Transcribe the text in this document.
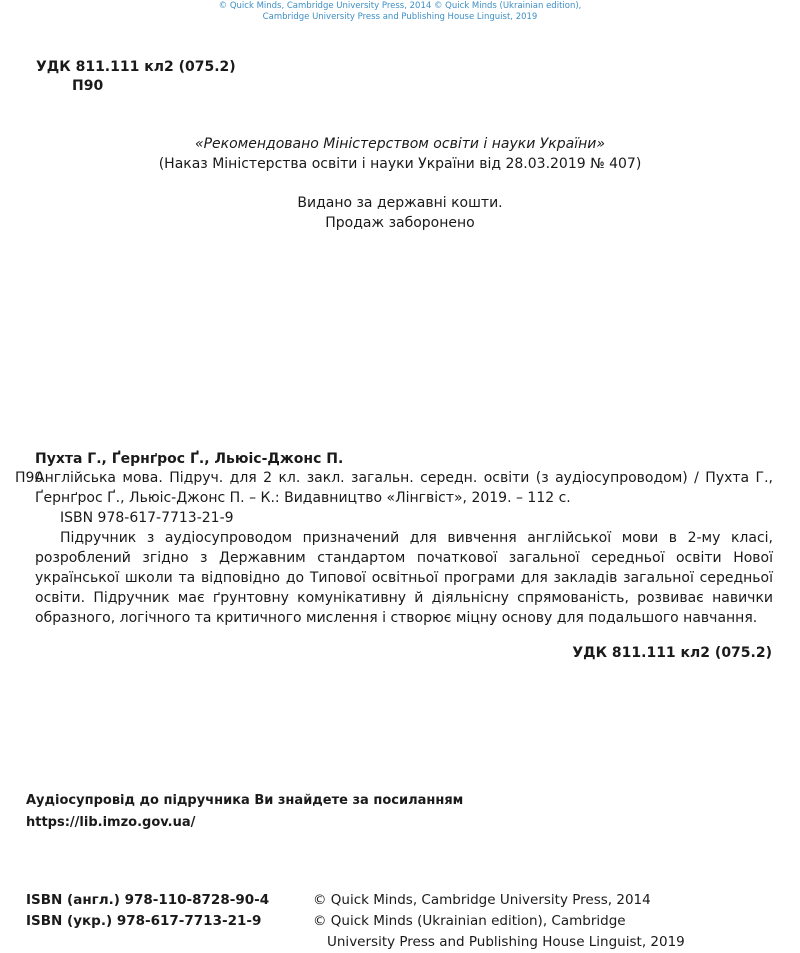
© Quick Minds, Cambridge University Press, 2014 © Quick Minds (Ukrainian edition),
Cambridge University Press and Publishing House Linguist, 2019
УДК 811.111 кл2 (075.2)
П90
«Рекомендовано Міністерством освіти і науки України»
(Наказ Міністерства освіти і науки України від 28.03.2019 № 407)
Видано за державні кошти.
Продаж заборонено
Пухта Г., Ґернґрос Ґ., Льюіс-Джонс П.
П90
Англійська мова. Підруч. для 2 кл. закл. загальн. середн. освіти (з аудіосупроводом) / Пухта Г., Ґернґрос Ґ., Льюіс-Джонс П. – К.: Видавництво «Лінгвіст», 2019. – 112 с.
ISBN 978-617-7713-21-9
Підручник з аудіосупроводом призначений для вивчення англійської мови в 2-му класі, розроблений згідно з Державним стандартом початкової загальної середньої освіти Нової української школи та відповідно до Типової освітньої програми для закладів загальної середньої освіти. Підручник має ґрунтовну комунікативну й діяльнісну спрямованість, розвиває навички образного, логічного та критичного мислення і створює міцну основу для подальшого навчання.
УДК 811.111 кл2 (075.2)
Аудіосупровід до підручника Ви знайдете за посиланням
https://lib.imzo.gov.ua/
ISBN (англ.) 978-110-8728-90-4
ISBN (укр.) 978-617-7713-21-9
© Quick Minds, Cambridge University Press, 2014
© Quick Minds (Ukrainian edition), Cambridge
University Press and Publishing House Linguist, 2019
